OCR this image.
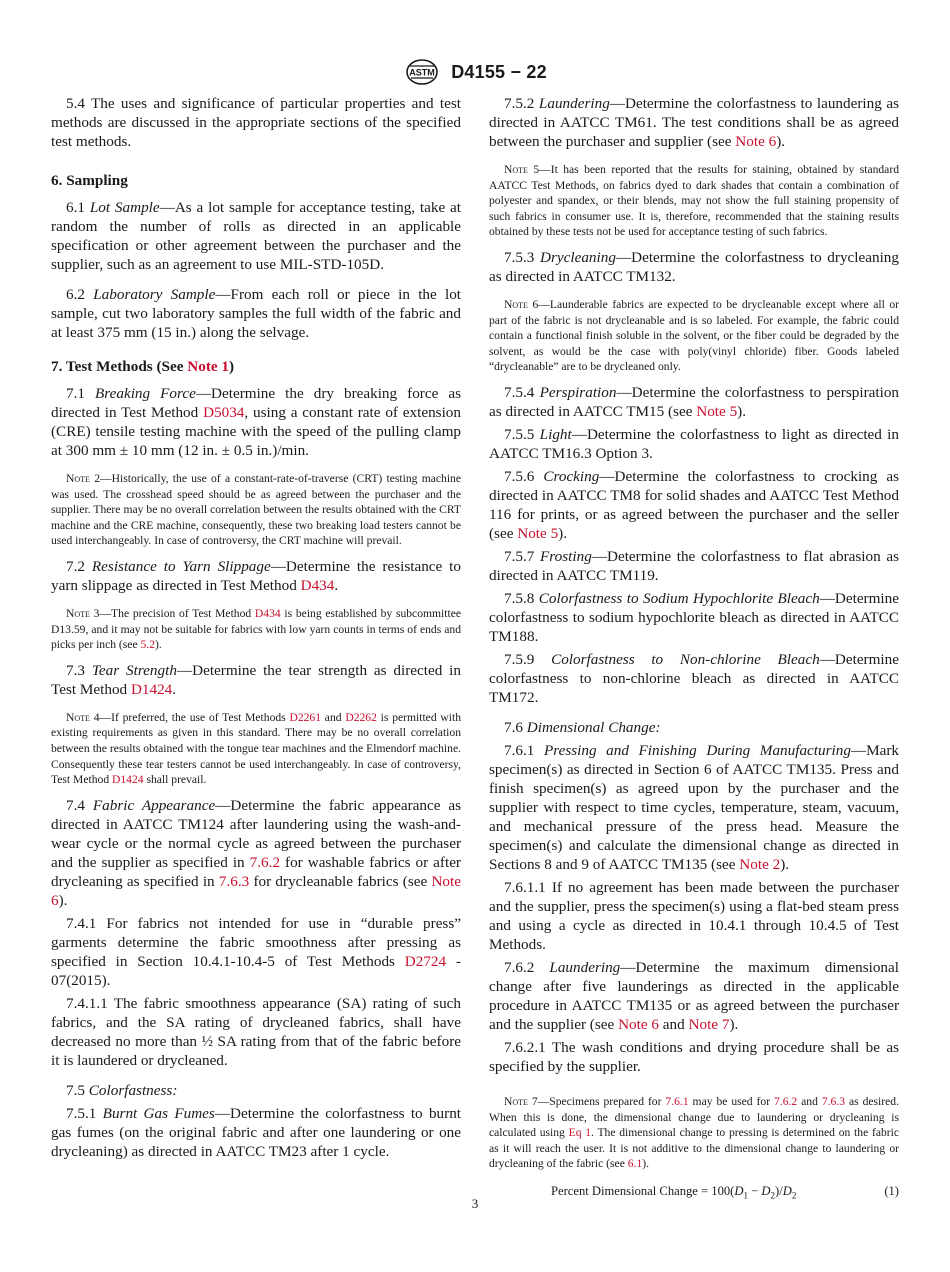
ASTM D4155 − 22

5.4 The uses and significance of particular properties and test methods are discussed in the appropriate sections of the specified test methods.

6. Sampling

6.1 Lot Sample—As a lot sample for acceptance testing, take at random the number of rolls as directed in an applicable specification or other agreement between the purchaser and the supplier, such as an agreement to use MIL-STD-105D.

6.2 Laboratory Sample—From each roll or piece in the lot sample, cut two laboratory samples the full width of the fabric and at least 375 mm (15 in.) along the selvage.

7. Test Methods (See Note 1)

7.1 Breaking Force—Determine the dry breaking force as directed in Test Method D5034, using a constant rate of extension (CRE) tensile testing machine with the speed of the pulling clamp at 300 mm ± 10 mm (12 in. ± 0.5 in.)/min.

Note 2—Historically, the use of a constant-rate-of-traverse (CRT) testing machine was used. The crosshead speed should be as agreed between the purchaser and the supplier. There may be no overall correlation between the results obtained with the CRT machine and the CRE machine, consequently, these two breaking load testers cannot be used interchangeably. In case of controversy, the CRT machine will prevail.

7.2 Resistance to Yarn Slippage—Determine the resistance to yarn slippage as directed in Test Method D434.

Note 3—The precision of Test Method D434 is being established by subcommittee D13.59, and it may not be suitable for fabrics with low yarn counts in terms of ends and picks per inch (see 5.2).

7.3 Tear Strength—Determine the tear strength as directed in Test Method D1424.

Note 4—If preferred, the use of Test Methods D2261 and D2262 is permitted with existing requirements as given in this standard. There may be no overall correlation between the results obtained with the tongue tear machines and the Elmendorf machine. Consequently these tear testers cannot be used interchangeably. In case of controversy, Test Method D1424 shall prevail.

7.4 Fabric Appearance—Determine the fabric appearance as directed in AATCC TM124 after laundering using the wash-and-wear cycle or the normal cycle as agreed between the purchaser and the supplier as specified in 7.6.2 for washable fabrics or after drycleaning as specified in 7.6.3 for drycleanable fabrics (see Note 6).

7.4.1 For fabrics not intended for use in “durable press” garments determine the fabric smoothness after pressing as specified in Section 10.4.1-10.4-5 of Test Methods D2724 - 07(2015).

7.4.1.1 The fabric smoothness appearance (SA) rating of such fabrics, and the SA rating of drycleaned fabrics, shall have decreased no more than ½ SA rating from that of the fabric before it is laundered or drycleaned.

7.5 Colorfastness:

7.5.1 Burnt Gas Fumes—Determine the colorfastness to burnt gas fumes (on the original fabric and after one laundering or one drycleaning) as directed in AATCC TM23 after 1 cycle.

7.5.2 Laundering—Determine the colorfastness to laundering as directed in AATCC TM61. The test conditions shall be as agreed between the purchaser and supplier (see Note 6).

Note 5—It has been reported that the results for staining, obtained by standard AATCC Test Methods, on fabrics dyed to dark shades that contain a combination of polyester and spandex, or their blends, may not show the full staining propensity of such fabrics in consumer use. It is, therefore, recommended that the staining results obtained by these tests not be used for acceptance testing of such fabrics.

7.5.3 Drycleaning—Determine the colorfastness to drycleaning as directed in AATCC TM132.

Note 6—Launderable fabrics are expected to be drycleanable except where all or part of the fabric is not drycleanable and is so labeled. For example, the fabric could contain a functional finish soluble in the solvent, or the fiber could be degraded by the solvent, as would be the case with poly(vinyl chloride) fiber. Goods labeled “drycleanable” are to be drycleaned only.

7.5.4 Perspiration—Determine the colorfastness to perspiration as directed in AATCC TM15 (see Note 5).

7.5.5 Light—Determine the colorfastness to light as directed in AATCC TM16.3 Option 3.

7.5.6 Crocking—Determine the colorfastness to crocking as directed in AATCC TM8 for solid shades and AATCC Test Method 116 for prints, or as agreed between the purchaser and the seller (see Note 5).

7.5.7 Frosting—Determine the colorfastness to flat abrasion as directed in AATCC TM119.

7.5.8 Colorfastness to Sodium Hypochlorite Bleach—Determine colorfastness to sodium hypochlorite bleach as directed in AATCC TM188.

7.5.9 Colorfastness to Non-chlorine Bleach—Determine colorfastness to non-chlorine bleach as directed in AATCC TM172.

7.6 Dimensional Change:

7.6.1 Pressing and Finishing During Manufacturing—Mark specimen(s) as directed in Section 6 of AATCC TM135. Press and finish specimen(s) as agreed upon by the purchaser and the supplier with respect to time cycles, temperature, steam, vacuum, and mechanical pressure of the press head. Measure the specimen(s) and calculate the dimensional change as directed in Sections 8 and 9 of AATCC TM135 (see Note 2).

7.6.1.1 If no agreement has been made between the purchaser and the supplier, press the specimen(s) using a flat-bed steam press and using a cycle as directed in 10.4.1 through 10.4.5 of Test Methods.

7.6.2 Laundering—Determine the maximum dimensional change after five launderings as directed in the applicable procedure in AATCC TM135 or as agreed between the purchaser and the supplier (see Note 6 and Note 7).

7.6.2.1 The wash conditions and drying procedure shall be as specified by the supplier.

Note 7—Specimens prepared for 7.6.1 may be used for 7.6.2 and 7.6.3 as desired. When this is done, the dimensional change due to laundering or drycleaning is calculated using Eq 1. The dimensional change to pressing is determined on the fabric as it will reach the user. It is not additive to the dimensional change to laundering or drycleaning of the fabric (see 6.1).
Percent Dimensional Change = $100(D_1 - D_2)/D_2$	(1)
3
